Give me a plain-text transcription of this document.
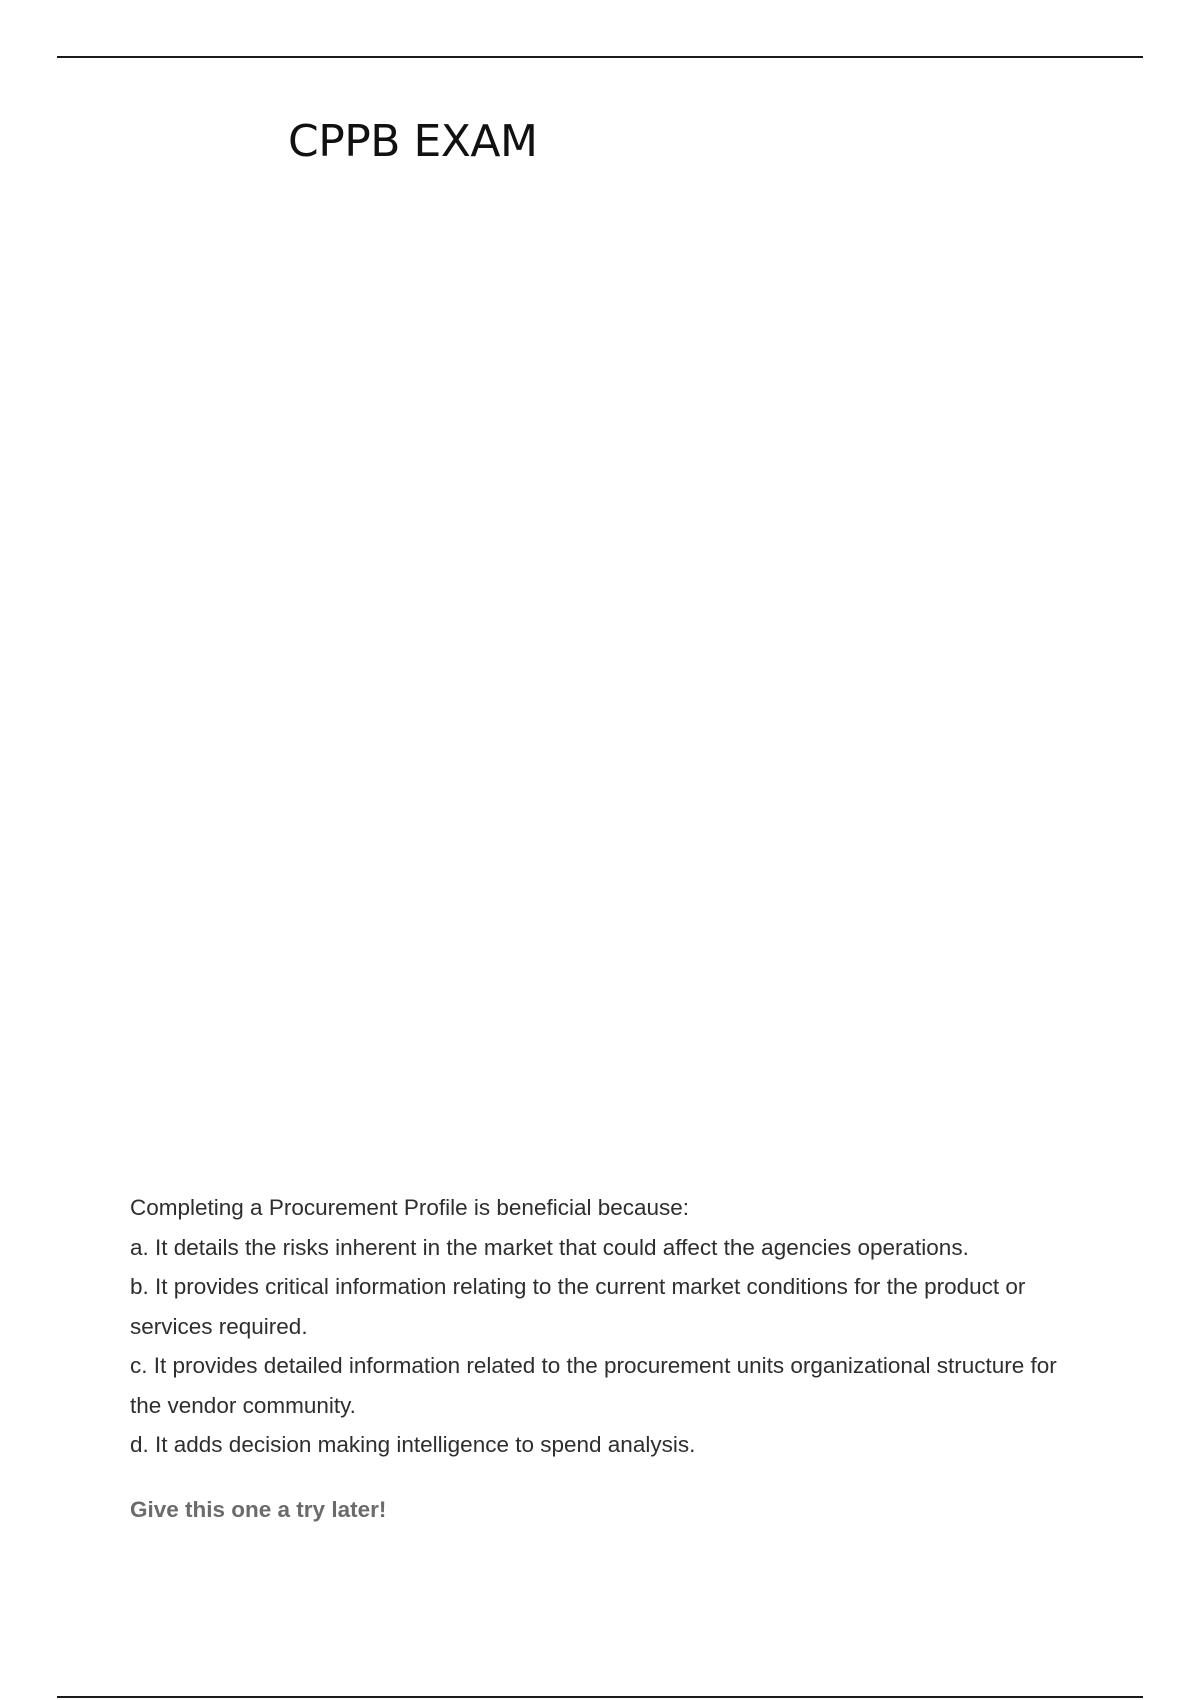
CPPB EXAM

Completing a Procurement Profile is beneficial because:

a. It details the risks inherent in the market that could affect the agencies operations.

b. It provides critical information relating to the current market conditions for the product or services required.

c. It provides detailed information related to the procurement units organizational structure for the vendor community.

d. It adds decision making intelligence to spend analysis.

Give this one a try later!
